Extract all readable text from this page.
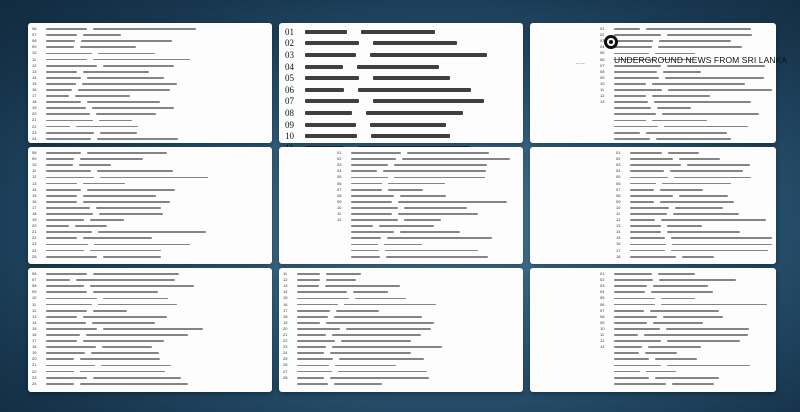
06
07
08
09
10
11
12
13
14
15
16
17
18
19
20
21
22
23
24
01
02
03
04
05
06
07
08
09
10
01
02
03
04
05
06
07
08
09
10
11
12
13
— —
08
09
10
11
12
13
14
15
16
17
18
19
20
21
22
23
24
25
01
02
03
04
05
06
07
08
09
10
11
12
01
02
03
04
05
06
07
08
09
10
11
12
13
14
15
16
17
18
06
07
08
09
10
11
12
13
14
15
16
17
18
19
20
21
22
23
24
11
12
13
14
15
16
17
18
19
20
21
22
23
24
25
26
27
28
01
02
03
04
05
06
07
08
09
10
11
12
13
UNDERGROUND NEWS FROM SRI LANKA
